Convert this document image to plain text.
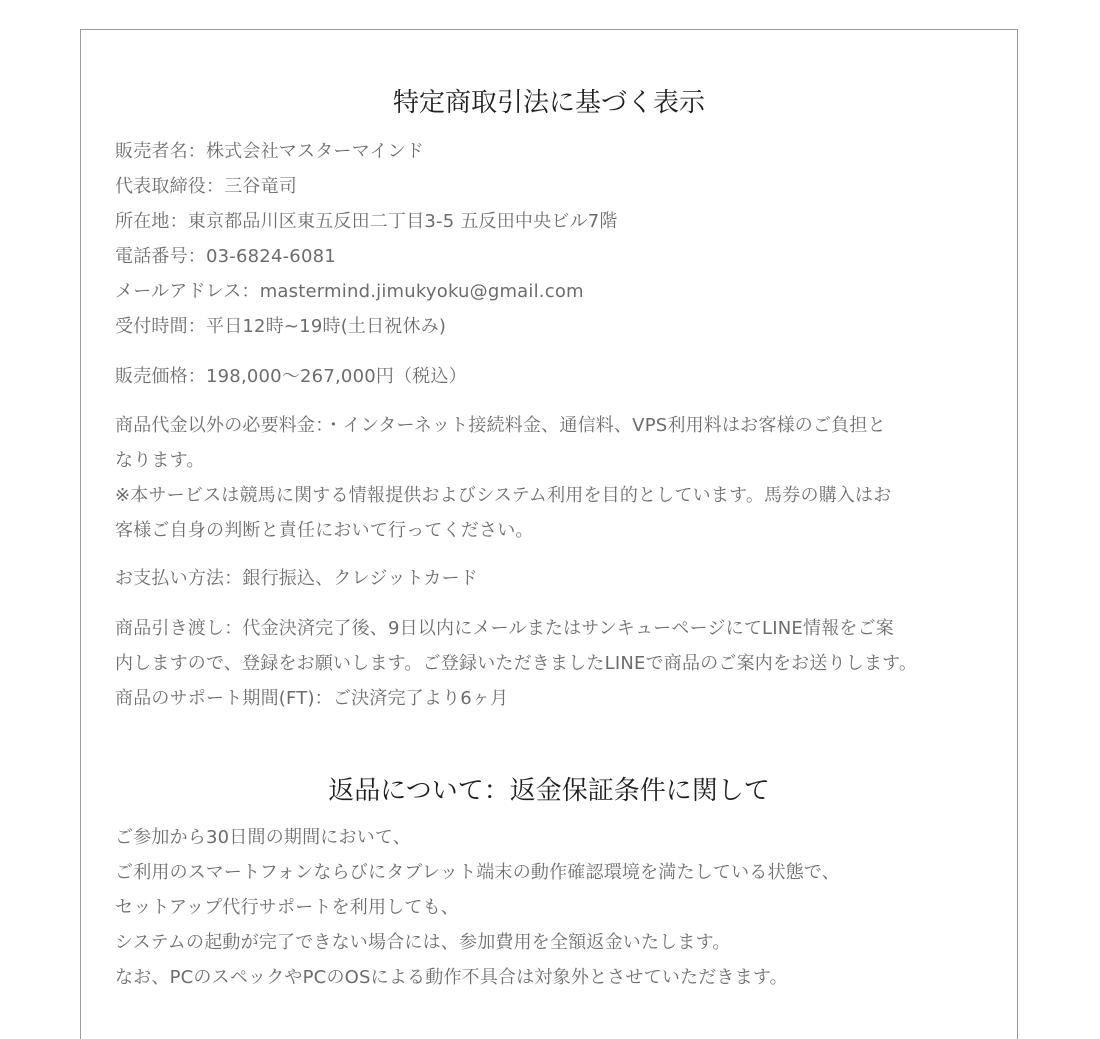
特定商取引法に基づく表示
販売者名：株式会社マスターマインド
代表取締役：三谷竜司
所在地：東京都品川区東五反田二丁目3-5 五反田中央ビル7階
電話番号：03-6824-6081
メールアドレス：mastermind.jimukyoku@gmail.com
受付時間：平日12時~19時(土日祝休み)
販売価格：198,000～267,000円（税込）
商品代金以外の必要料金：・インターネット接続料金、通信料、VPS利用料はお客様のご負担と
なります。
※本サービスは競馬に関する情報提供およびシステム利用を目的としています。馬券の購入はお
客様ご自身の判断と責任において行ってください。
お支払い方法：銀行振込、クレジットカード
商品引き渡し：代金決済完了後、9日以内にメールまたはサンキューページにてLINE情報をご案
内しますので、登録をお願いします。ご登録いただきましたLINEで商品のご案内をお送りします。
商品のサポート期間(FT)：ご決済完了より6ヶ月
返品について：返金保証条件に関して
ご参加から30日間の期間において、
ご利用のスマートフォンならびにタブレット端末の動作確認環境を満たしている状態で、
セットアップ代行サポートを利用しても、
システムの起動が完了できない場合には、参加費用を全額返金いたします。
なお、PCのスペックやPCのOSによる動作不具合は対象外とさせていただきます。
